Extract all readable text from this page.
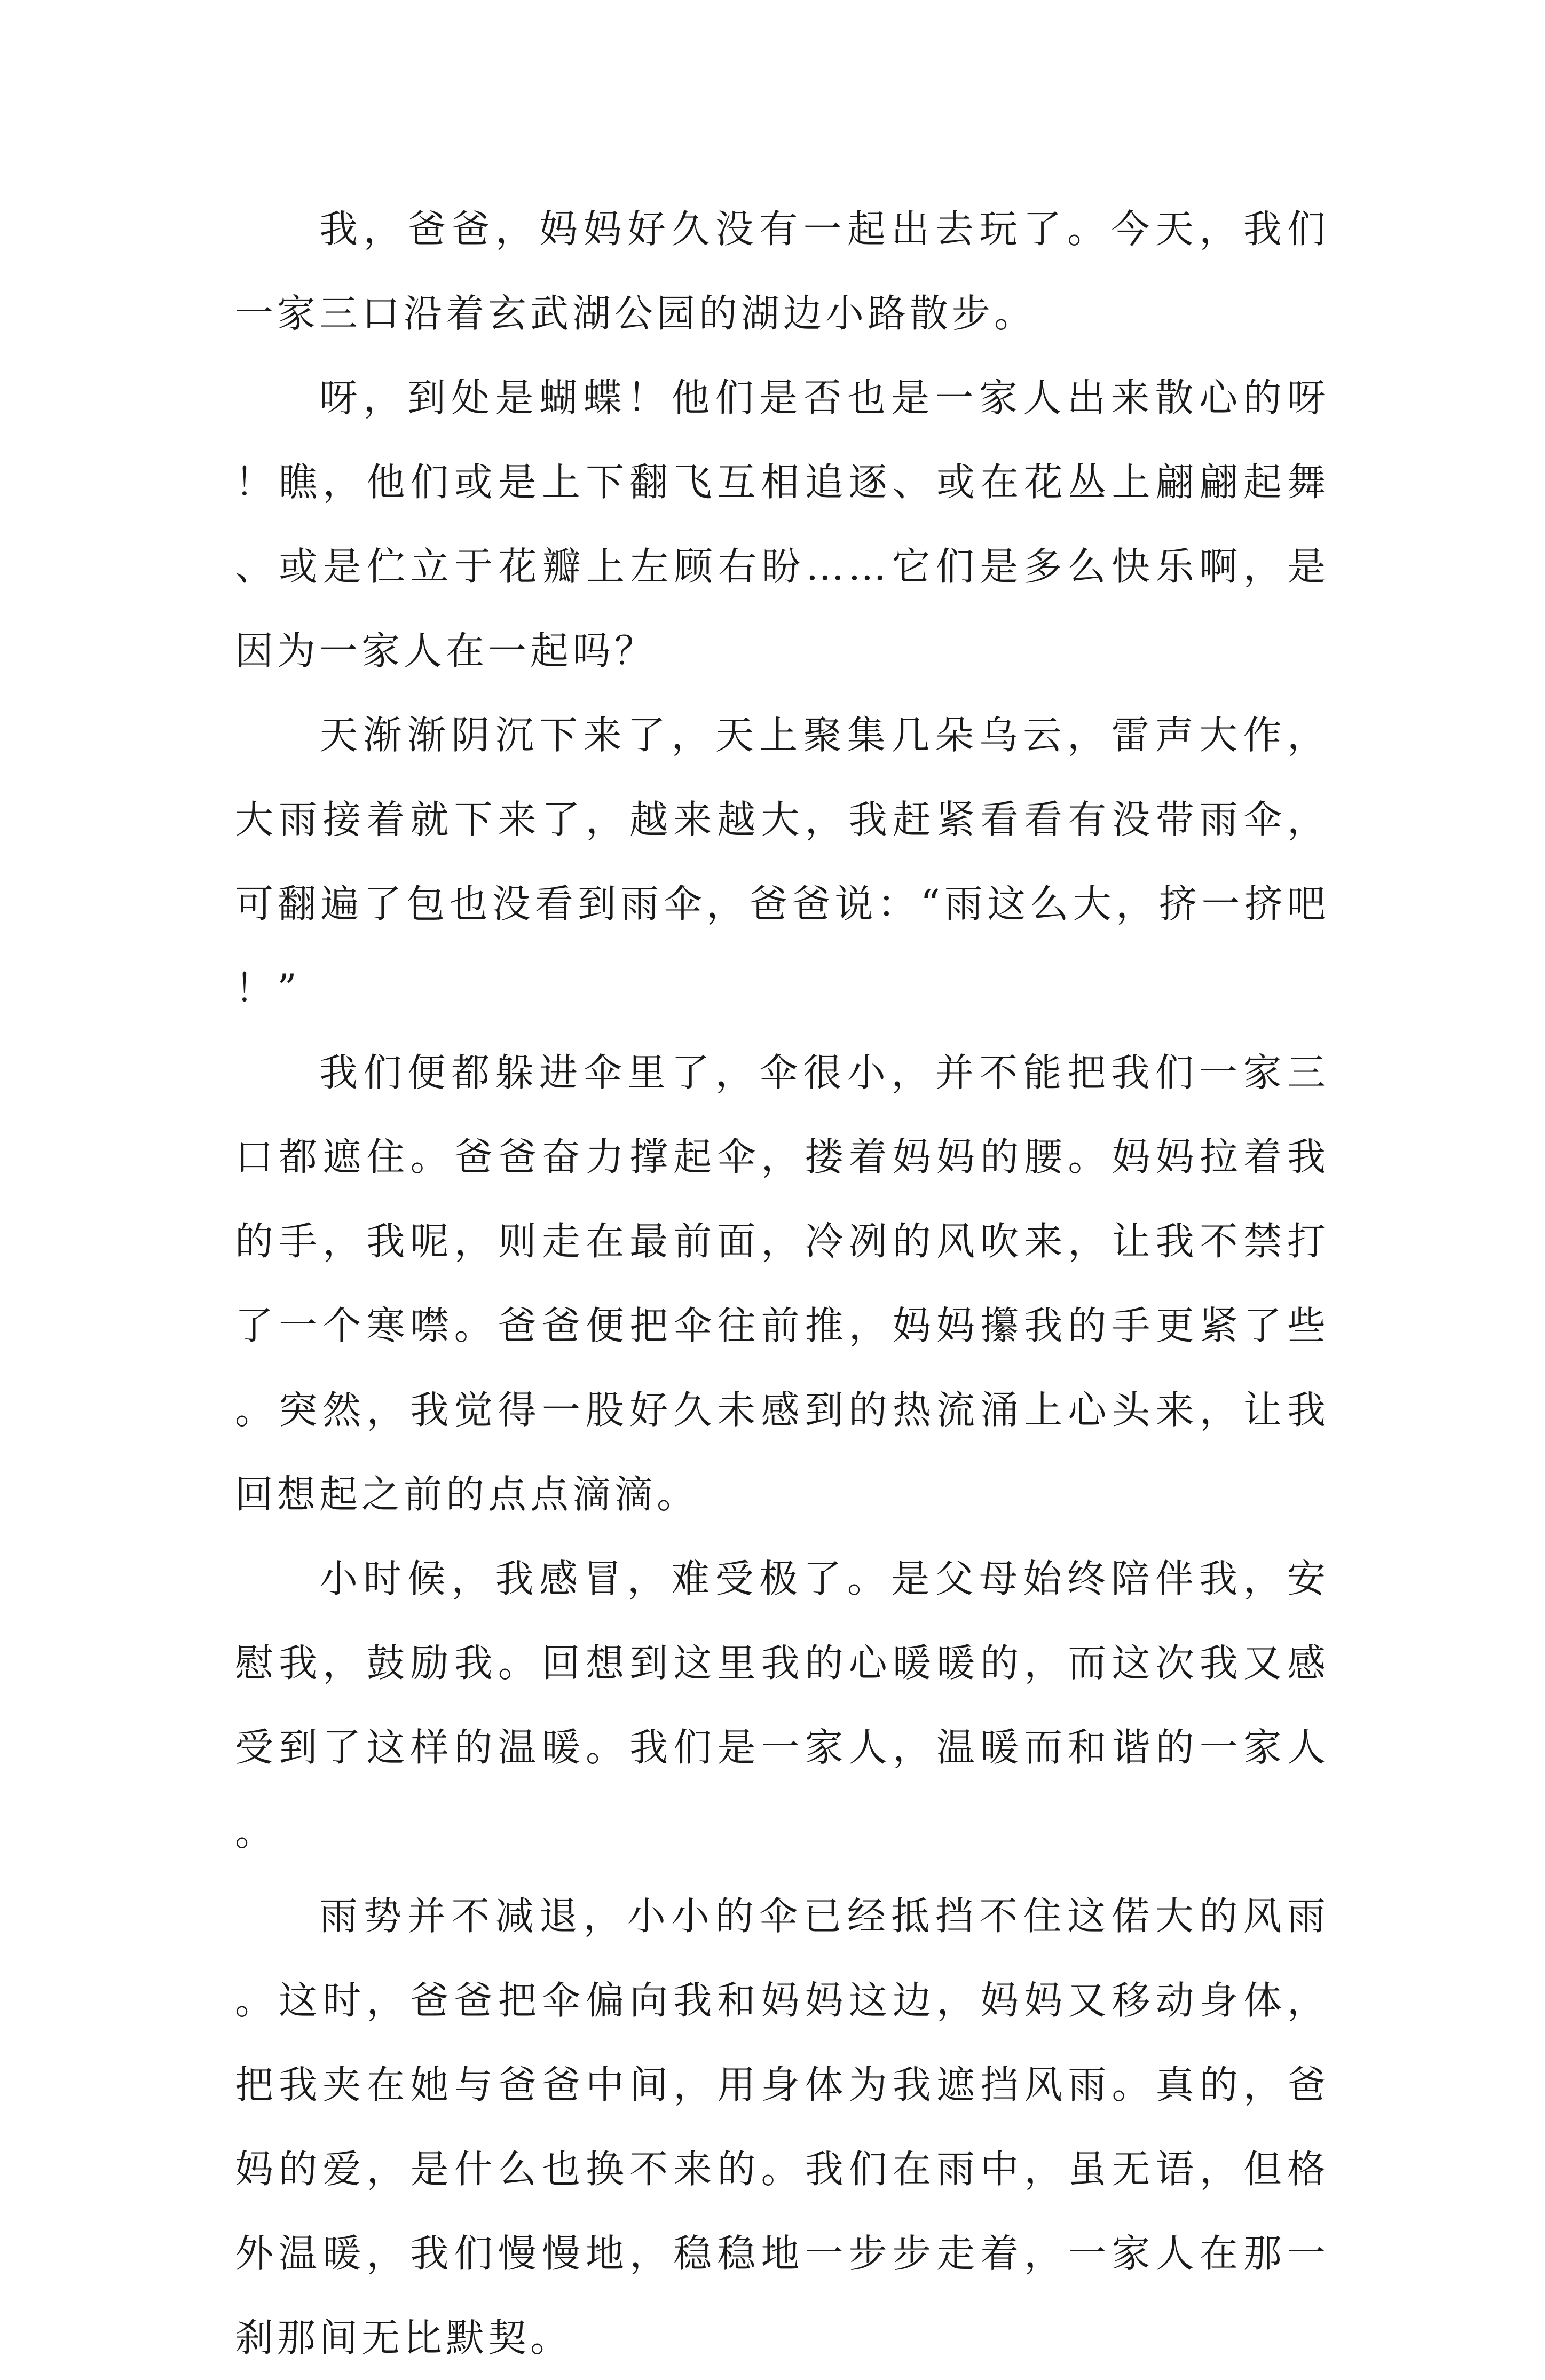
我，爸爸，妈妈好久没有一起出去玩了。今天，我们一家三口沿着玄武湖公园的湖边小路散步。

呀，到处是蝴蝶！他们是否也是一家人出来散心的呀！瞧，他们或是上下翻飞互相追逐、或在花丛上翩翩起舞、或是伫立于花瓣上左顾右盼……它们是多么快乐啊，是因为一家人在一起吗？

天渐渐阴沉下来了，天上聚集几朵乌云，雷声大作，大雨接着就下来了，越来越大，我赶紧看看有没带雨伞，可翻遍了包也没看到雨伞，爸爸说：“雨这么大，挤一挤吧！”

我们便都躲进伞里了，伞很小，并不能把我们一家三口都遮住。爸爸奋力撑起伞，搂着妈妈的腰。妈妈拉着我的手，我呢，则走在最前面，冷冽的风吹来，让我不禁打了一个寒噤。爸爸便把伞往前推，妈妈攥我的手更紧了些。突然，我觉得一股好久未感到的热流涌上心头来，让我回想起之前的点点滴滴。

小时候，我感冒，难受极了。是父母始终陪伴我，安慰我，鼓励我。回想到这里我的心暖暖的，而这次我又感受到了这样的温暖。我们是一家人，温暖而和谐的一家人。

雨势并不减退，小小的伞已经抵挡不住这偌大的风雨。这时，爸爸把伞偏向我和妈妈这边，妈妈又移动身体，把我夹在她与爸爸中间，用身体为我遮挡风雨。真的，爸妈的爱，是什么也换不来的。我们在雨中，虽无语，但格外温暖，我们慢慢地，稳稳地一步步走着，一家人在那一刹那间无比默契。
